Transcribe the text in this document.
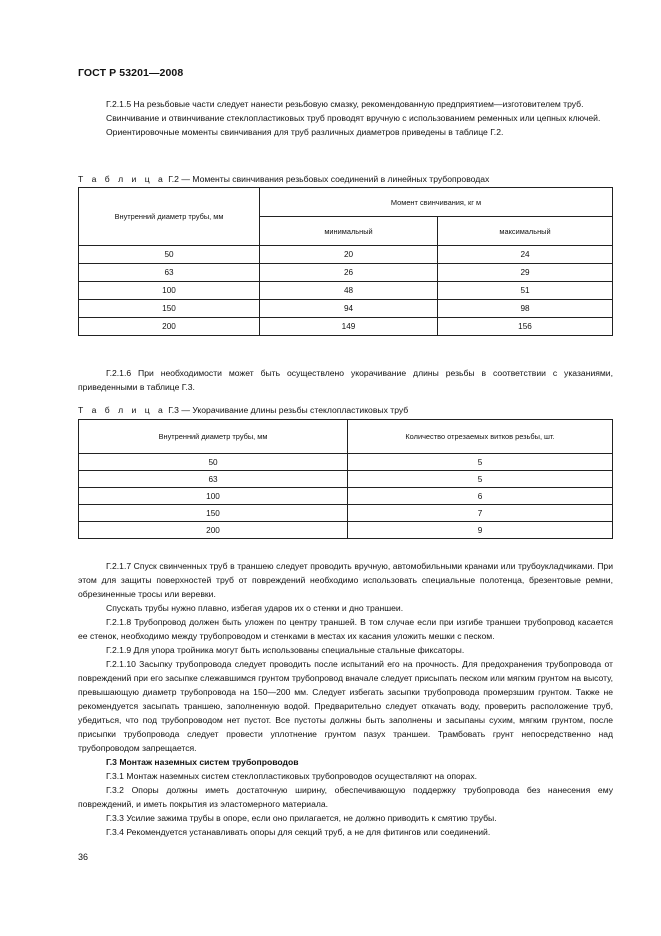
ГОСТ Р 53201—2008

Г.2.1.5 На резьбовые части следует нанести резьбовую смазку, рекомендованную предприятием—изготовителем труб.

Свинчивание и отвинчивание стеклопластиковых труб проводят вручную с использованием ременных или цепных ключей.

Ориентировочные моменты свинчивания для труб различных диаметров приведены в таблице Г.2.

Т а б л и ц а Г.2 — Моменты свинчивания резьбовых соединений в линейных трубопроводах
Внутренний диаметр трубы, мм	Момент свинчивания, кг м	
	минимальный	максимальный
50	20	24
63	26	29
100	48	51
150	94	98
200	149	156

Г.2.1.6 При необходимости может быть осуществлено укорачивание длины резьбы в соответствии с указаниями, приведенными в таблице Г.3.

Т а б л и ц а Г.3 — Укорачивание длины резьбы стеклопластиковых труб
Внутренний диаметр трубы, мм	Количество отрезаемых витков резьбы, шт.
50	5
63	5
100	6
150	7
200	9

Г.2.1.7 Спуск свинченных труб в траншею следует проводить вручную, автомобильными кранами или трубоукладчиками. При этом для защиты поверхностей труб от повреждений необходимо использовать специальные полотенца, брезентовые ремни, обрезиненные тросы или веревки.

Спускать трубы нужно плавно, избегая ударов их о стенки и дно траншеи.

Г.2.1.8 Трубопровод должен быть уложен по центру траншей. В том случае если при изгибе траншеи трубопровод касается ее стенок, необходимо между трубопроводом и стенками в местах их касания уложить мешки с песком.

Г.2.1.9 Для упора тройника могут быть использованы специальные стальные фиксаторы.

Г.2.1.10 Засыпку трубопровода следует проводить после испытаний его на прочность. Для предохранения трубопровода от повреждений при его засыпке слежавшимся грунтом трубопровод вначале следует присыпать песком или мягким грунтом на высоту, превышающую диаметр трубопровода на 150—200 мм. Следует избегать засыпки трубопровода промерзшим грунтом. Также не рекомендуется засыпать траншею, заполненную водой. Предварительно следует откачать воду, проверить расположение труб, убедиться, что под трубопроводом нет пустот. Все пустоты должны быть заполнены и засыпаны сухим, мягким грунтом, после присыпки трубопровода следует провести уплотнение грунтом пазух траншеи. Трамбовать грунт непосредственно над трубопроводом запрещается.

Г.3 Монтаж наземных систем трубопроводов

Г.3.1 Монтаж наземных систем стеклопластиковых трубопроводов осуществляют на опорах.

Г.3.2 Опоры должны иметь достаточную ширину, обеспечивающую поддержку трубопровода без нанесения ему повреждений, и иметь покрытия из эластомерного материала.

Г.3.3 Усилие зажима трубы в опоре, если оно прилагается, не должно приводить к смятию трубы.

Г.3.4 Рекомендуется устанавливать опоры для секций труб, а не для фитингов или соединений.

36
